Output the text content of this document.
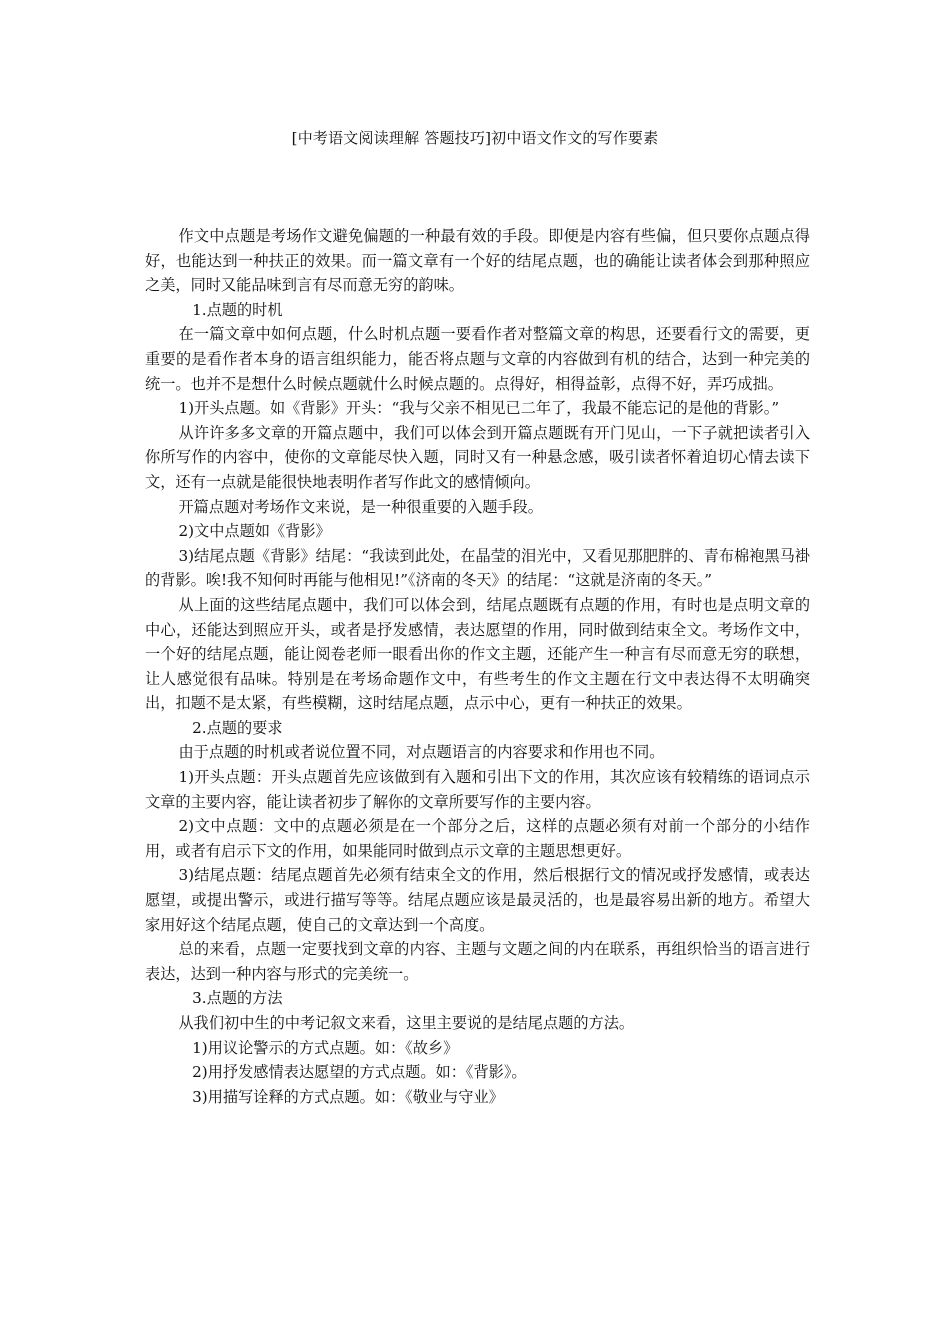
[中考语文阅读理解 答题技巧]初中语文作文的写作要素

作文中点题是考场作文避免偏题的一种最有效的手段。即便是内容有些偏，但只要你点题点得好，也能达到一种扶正的效果。而一篇文章有一个好的结尾点题，也的确能让读者体会到那种照应之美，同时又能品味到言有尽而意无穷的韵味。

1.点题的时机

在一篇文章中如何点题，什么时机点题一要看作者对整篇文章的构思，还要看行文的需要，更重要的是看作者本身的语言组织能力，能否将点题与文章的内容做到有机的结合，达到一种完美的统一。也并不是想什么时候点题就什么时候点题的。点得好，相得益彰，点得不好，弄巧成拙。

1)开头点题。如《背影》开头：“我与父亲不相见已二年了，我最不能忘记的是他的背影。”

从许许多多文章的开篇点题中，我们可以体会到开篇点题既有开门见山，一下子就把读者引入你所写作的内容中，使你的文章能尽快入题，同时又有一种悬念感，吸引读者怀着迫切心情去读下文，还有一点就是能很快地表明作者写作此文的感情倾向。

开篇点题对考场作文来说，是一种很重要的入题手段。

2)文中点题如《背影》

3)结尾点题《背影》结尾：“我读到此处，在晶莹的泪光中，又看见那肥胖的、青布棉袍黑马褂的背影。唉!我不知何时再能与他相见!”《济南的冬天》的结尾：“这就是济南的冬天。”

从上面的这些结尾点题中，我们可以体会到，结尾点题既有点题的作用，有时也是点明文章的中心，还能达到照应开头，或者是抒发感情，表达愿望的作用，同时做到结束全文。考场作文中，一个好的结尾点题，能让阅卷老师一眼看出你的作文主题，还能产生一种言有尽而意无穷的联想，让人感觉很有品味。特别是在考场命题作文中，有些考生的作文主题在行文中表达得不太明确突出，扣题不是太紧，有些模糊，这时结尾点题，点示中心，更有一种扶正的效果。

2.点题的要求

由于点题的时机或者说位置不同，对点题语言的内容要求和作用也不同。

1)开头点题：开头点题首先应该做到有入题和引出下文的作用，其次应该有较精练的语词点示文章的主要内容，能让读者初步了解你的文章所要写作的主要内容。

2)文中点题：文中的点题必须是在一个部分之后，这样的点题必须有对前一个部分的小结作用，或者有启示下文的作用，如果能同时做到点示文章的主题思想更好。

3)结尾点题：结尾点题首先必须有结束全文的作用，然后根据行文的情况或抒发感情，或表达愿望，或提出警示，或进行描写等等。结尾点题应该是最灵活的，也是最容易出新的地方。希望大家用好这个结尾点题，使自己的文章达到一个高度。

总的来看，点题一定要找到文章的内容、主题与文题之间的内在联系，再组织恰当的语言进行表达，达到一种内容与形式的完美统一。

3.点题的方法

从我们初中生的中考记叙文来看，这里主要说的是结尾点题的方法。

1)用议论警示的方式点题。如：《故乡》

2)用抒发感情表达愿望的方式点题。如：《背影》。

3)用描写诠释的方式点题。如：《敬业与守业》
